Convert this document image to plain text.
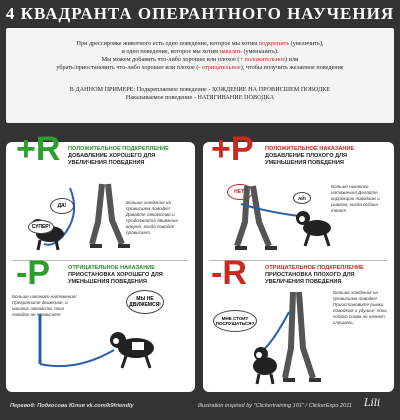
4 КВАДРАНТА ОПЕРАНТНОГО НАУЧЕНИЯ

При дрессировке животного есть одно поведение, которое мы хотим подкрепить (увеличить),

и одно поведение, которое мы хотим наказать (уменьшить).

Мы можем добавить что-либо хорошее или плохое (+ положительное) или

убрать/приостановить что-либо хорошее или плохое (- отрицательное), чтобы получить желаемое поведение

В ДАННОМ ПРИМЕРЕ: Подкрепляемое поведение - ХОЖДЕНИЕ НА ПРОВИСШЕМ ПОВОДКЕ

Наказываемое поведение - НАТЯГИВАНИЕ ПОВОДКА

+R ПОЛОЖИТЕЛЬНОЕ ПОДКРЕПЛЕНИЕ
ДОБАВЛЕНИЕ ХОРОШЕГО ДЛЯ
УВЕЛИЧЕНИЯ ПОВЕДЕНИЯ
ДА!
СУПЕР!
Больше хождения на провисшем поводке! Давайте лакомство и продолжайте движение вперед, когда поводок провисает.
-P	ОТРИЦАТЕЛЬНОЕ НАКАЗАНИЕ
ПРИОСТАНОВКА ХОРОШЕГО ДЛЯ
УМЕНЬШЕНИЯ ПОВЕДЕНИЯ
Больше никакого натяжения! Прекратите движение, и никаких лакомств, пока поводок не провиснет
МЫ НЕ ДВИЖЕМСЯ!
+P ПОЛОЖИТЕЛЬНОЕ НАКАЗАНИЕ
ДОБАВЛЕНИЕ ПЛОХОГО ДЛЯ
УМЕНЬШЕНИЯ ПОВЕДЕНИЯ
НЕТ!
АЙ!
Больше никакого натяжения! Делайте коррекцию поводком и рывком, когда собака тянет
-R	ОТРИЦАТЕЛЬНОЕ ПОДКРЕПЛЕНИЕ
ПРИОСТАНОВКА ПЛОХОГО ДЛЯ
УВЕЛИЧЕНИЯ ПОВЕДЕНИЯ
МНЕ СТОИТ ПОСЛУШАТЬСЯ?
Больше хождения на провисшем поводке! Приостановите рывки поводком и удушье, пока собака снова не начнет слушать.
Перевод: Подкосова Юлия vk.com/k9friendly	Illustration inspired by "Clickertraining 101" / ClickerExpo 2011 Lili
